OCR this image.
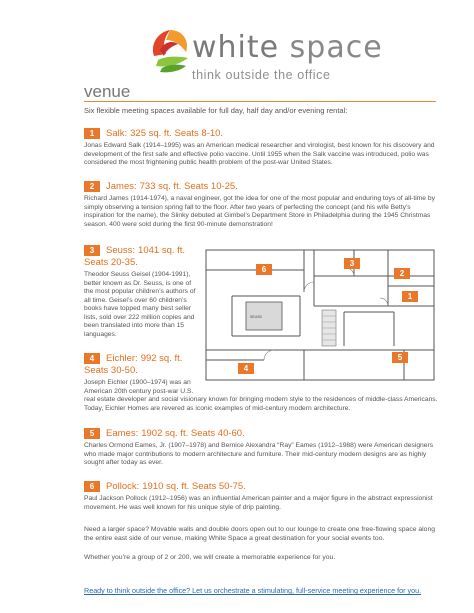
white space
think outside the office
venue
Six flexible meeting spaces available for full day, half day and/or evening rental:
1	Salk: 325 sq. ft. Seats 8-10.
Jonas Edward Salk (1914–1995) was an American medical researcher and virologist, best known for his discovery and development of the first safe and effective polio vaccine. Until 1955 when the Salk vaccine was introduced, polio was considered the most frightening public health problem of the post-war United States.
2	James: 733 sq. ft. Seats 10-25.
Richard James (1914-1974), a naval engineer, got the idea for one of the most popular and enduring toys of all-time by simply observing a tension spring fall to the floor. After two years of perfecting the concept (and his wife Betty’s inspiration for the name), the Slinky debuted at Gimbel’s Department Store in Philadelphia during the 1945 Christmas season. 400 were sold during the first 90-minute demonstration!
3	Seuss: 1041 sq. ft.
Seats 20-35.
Theodor Seuss Geisel (1904-1991), better known as Dr. Seuss, is one of the most popular children’s authors of all time. Geisel’s over 60 children’s books have topped many best seller lists, sold over 222 million copies and been translated into more than 15 languages.
4	Eichler: 992 sq. ft.
Seats 30-50.
Joseph Eichler (1900–1974) was an American 20th century post-war U.S.
real estate developer and social visionary known for bringing modern style to the residences of middle-class Americans. Today, Eichler Homes are revered as iconic examples of mid-century modern architecture.
5	Eames: 1902 sq. ft. Seats 40-60.
Charles Ormond Eames, Jr. (1907–1978) and Bernice Alexandra “Ray” Eames (1912–1988) were American designers who made major contributions to modern architecture and furniture. Their mid-century modern designs are as highly sought after today as ever.
6	Pollock: 1910 sq. ft. Seats 50-75.
Paul Jackson Pollock (1912–1956) was an influential American painter and a major figure in the abstract expressionist movement. He was well known for his unique style of drip painting.
SEUSS
6
3
2
1
4
5
Need a larger space? Movable walls and double doors open out to our lounge to create one free-flowing space along the entire east side of our venue, making White Space a great destination for your social events too.
Whether you’re a group of 2 or 200, we will create a memorable experience for you.
Ready to think outside the office? Let us orchestrate a stimulating, full-service meeting experience for you.
